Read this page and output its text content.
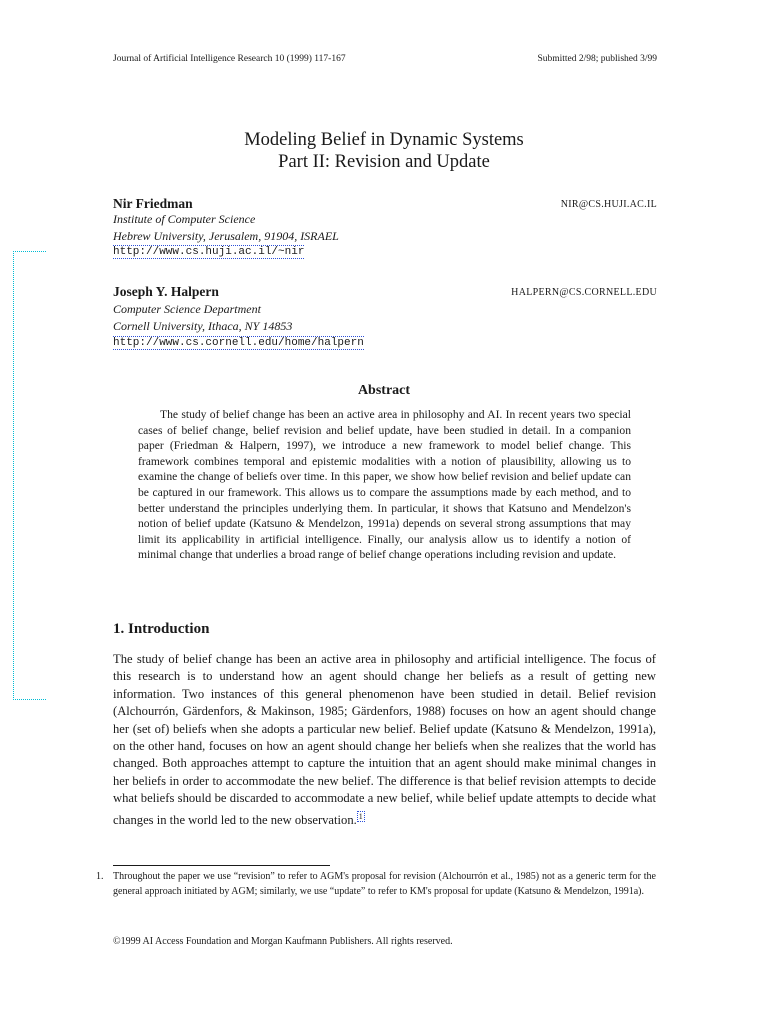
Journal of Artificial Intelligence Research 10 (1999) 117-167	Submitted 2/98; published 3/99
Modeling Belief in Dynamic Systems
Part II: Revision and Update
Nir Friedman	NIR@CS.HUJI.AC.IL
Institute of Computer Science
Hebrew University, Jerusalem, 91904, ISRAEL
http://www.cs.huji.ac.il/~nir
Joseph Y. Halpern	HALPERN@CS.CORNELL.EDU
Computer Science Department
Cornell University, Ithaca, NY 14853
http://www.cs.cornell.edu/home/halpern
Abstract

The study of belief change has been an active area in philosophy and AI. In recent years two special cases of belief change, belief revision and belief update, have been studied in detail. In a companion paper (Friedman & Halpern, 1997), we introduce a new framework to model belief change. This framework combines temporal and epistemic modalities with a notion of plausibility, allowing us to examine the change of beliefs over time. In this paper, we show how belief revision and belief update can be captured in our framework. This allows us to compare the assumptions made by each method, and to better understand the principles underlying them. In particular, it shows that Katsuno and Mendelzon's notion of belief update (Katsuno & Mendelzon, 1991a) depends on several strong assumptions that may limit its applicability in artificial intelligence. Finally, our analysis allow us to identify a notion of minimal change that underlies a broad range of belief change operations including revision and update.

1. Introduction

The study of belief change has been an active area in philosophy and artificial intelligence. The focus of this research is to understand how an agent should change her beliefs as a result of getting new information. Two instances of this general phenomenon have been studied in detail. Belief revision (Alchourrón, Gärdenfors, & Makinson, 1985; Gärdenfors, 1988) focuses on how an agent should change her (set of) beliefs when she adopts a particular new belief. Belief update (Katsuno & Mendelzon, 1991a), on the other hand, focuses on how an agent should change her beliefs when she realizes that the world has changed. Both approaches attempt to capture the intuition that an agent should make minimal changes in her beliefs in order to accommodate the new belief. The difference is that belief revision attempts to decide what beliefs should be discarded to accommodate a new belief, while belief update attempts to decide what changes in the world led to the new observation. $^1$

1. Throughout the paper we use “revision” to refer to AGM's proposal for revision (Alchourrón et al., 1985) not as a generic term for the general approach initiated by AGM; similarly, we use “update” to refer to KM's proposal for update (Katsuno & Mendelzon, 1991a).
©1999 AI Access Foundation and Morgan Kaufmann Publishers. All rights reserved.
